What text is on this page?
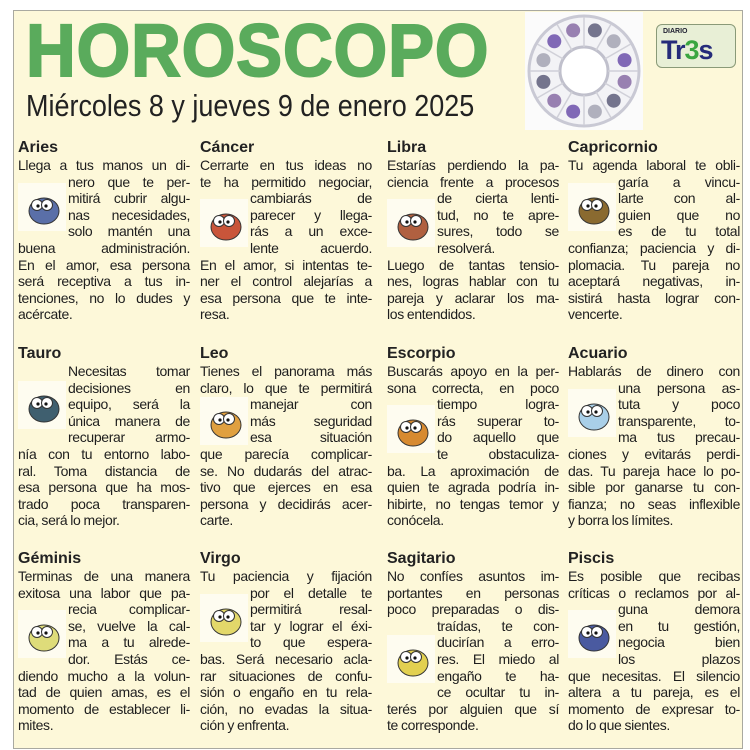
HOROSCOPO
Miércoles 8 y jueves 9 de enero 2025
DIARIO
Tr3s
Aries
Llega a tus manos un di-
nero que te per-
mitirá cubrir algu-
nas necesidades,
solo mantén una
buena administración.
En el amor, esa persona
será receptiva a tus in-
tenciones, no lo dudes y
acércate.
Tauro
Necesitas tomar
decisiones en
equipo, será la
única manera de
recuperar armo-
nía con tu entorno labo-
ral. Toma distancia de
esa persona que ha mos-
trado poca transparen-
cia, será lo mejor.
Géminis
Terminas de una manera
exitosa una labor que pa-
recia complicar-
se, vuelve la cal-
ma a tu alrede-
dor. Estás ce-
diendo mucho a la volun-
tad de quien amas, es el
momento de establecer li-
mites.
Cáncer
Cerrarte en tus ideas no
te ha permitido negociar,
cambiarás de
parecer y llega-
rás a un exce-
lente acuerdo.
En el amor, si intentas te-
ner el control alejarías a
esa persona que te inte-
resa.
Leo
Tienes el panorama más
claro, lo que te permitirá
manejar con
más seguridad
esa situación
que parecía complicar-
se. No dudarás del atrac-
tivo que ejerces en esa
persona y decidirás acer-
carte.
Virgo
Tu paciencia y fijación
por el detalle te
permitirá resal-
tar y lograr el éxi-
to que espera-
bas. Será necesario acla-
rar situaciones de confu-
sión o engaño en tu rela-
ción, no evadas la situa-
ción y enfrenta.
Libra
Estarías perdiendo la pa-
ciencia frente a procesos
de cierta lenti-
tud, no te apre-
sures, todo se
resolverá.
Luego de tantas tensio-
nes, logras hablar con tu
pareja y aclarar los ma-
los entendidos.
Escorpio
Buscarás apoyo en la per-
sona correcta, en poco
tiempo logra-
rás superar to-
do aquello que
te obstaculiza-
ba. La aproximación de
quien te agrada podría in-
hibirte, no tengas temor y
conócela.
Sagitario
No confíes asuntos im-
portantes en personas
poco preparadas o dis-
traídas, te con-
ducirían a erro-
res. El miedo al
engaño te ha-
ce ocultar tu in-
terés por alguien que sí
te corresponde.
Capricornio
Tu agenda laboral te obli-
garía a vincu-
larte con al-
guien que no
es de tu total
confianza; paciencia y di-
plomacia. Tu pareja no
aceptará negativas, in-
sistirá hasta lograr con-
vencerte.
Acuario
Hablarás de dinero con
una persona as-
tuta y poco
transparente, to-
ma tus precau-
ciones y evitarás perdi-
das. Tu pareja hace lo po-
sible por ganarse tu con-
fianza; no seas inflexible
y borra los límites.
Piscis
Es posible que recibas
críticas o reclamos por al-
guna demora
en tu gestión,
negocia bien
los plazos
que necesitas. El silencio
altera a tu pareja, es el
momento de expresar to-
do lo que sientes.
